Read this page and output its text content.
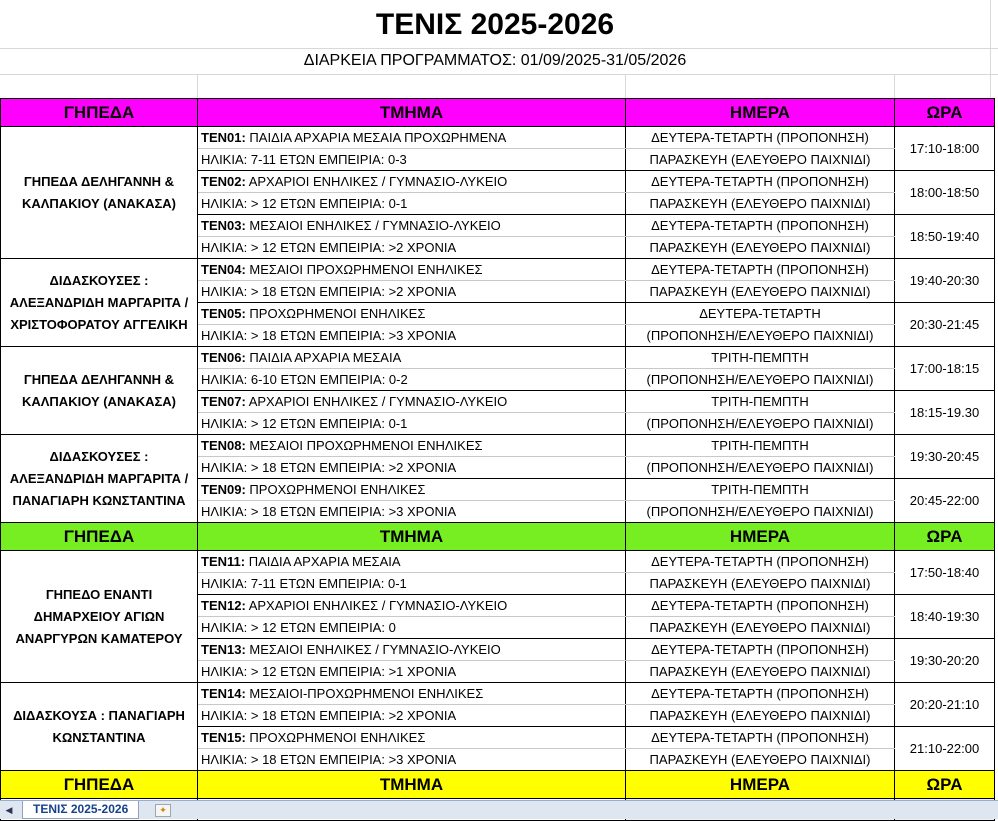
ΤΕΝΙΣ 2025-2026
ΔΙΑΡΚΕΙΑ ΠΡΟΓΡΑΜΜΑΤΟΣ: 01/09/2025-31/05/2026
ΓΗΠΕΔΑ	ΤΜΗΜΑ	ΗΜΕΡΑ	ΩΡΑ
ΓΗΠΕΔΑ ΔΕΛΗΓΑΝΝΗ & ΚΑΛΠΑΚΙΟΥ (ΑΝΑΚΑΣΑ)	ΤΕΝ01: ΠΑΙΔΙΑ ΑΡΧΑΡΙΑ ΜΕΣΑΙΑ ΠΡΟΧΩΡΗΜΕΝΑ	ΔΕΥΤΕΡΑ-ΤΕΤΑΡΤΗ (ΠΡΟΠΟΝΗΣΗ)	17:10-18:00
	ΗΛΙΚΙΑ: 7-11 ΕΤΩΝ ΕΜΠΕΙΡΙΑ: 0-3	ΠΑΡΑΣΚΕΥΗ (ΕΛΕΥΘΕΡΟ ΠΑΙΧΝΙΔΙ)	
	ΤΕΝ02: ΑΡΧΑΡΙΟΙ ΕΝΗΛΙΚΕΣ / ΓΥΜΝΑΣΙΟ-ΛΥΚΕΙΟ	ΔΕΥΤΕΡΑ-ΤΕΤΑΡΤΗ (ΠΡΟΠΟΝΗΣΗ)	18:00-18:50
	ΗΛΙΚΙΑ: > 12 ΕΤΩΝ ΕΜΠΕΙΡΙΑ: 0-1	ΠΑΡΑΣΚΕΥΗ (ΕΛΕΥΘΕΡΟ ΠΑΙΧΝΙΔΙ)	
	ΤΕΝ03: ΜΕΣΑΙΟΙ ΕΝΗΛΙΚΕΣ / ΓΥΜΝΑΣΙΟ-ΛΥΚΕΙΟ	ΔΕΥΤΕΡΑ-ΤΕΤΑΡΤΗ (ΠΡΟΠΟΝΗΣΗ)	18:50-19:40
	ΗΛΙΚΙΑ: > 12 ΕΤΩΝ ΕΜΠΕΙΡΙΑ: >2 ΧΡΟΝΙΑ	ΠΑΡΑΣΚΕΥΗ (ΕΛΕΥΘΕΡΟ ΠΑΙΧΝΙΔΙ)	
ΔΙΔΑΣΚΟΥΣΕΣ : ΑΛΕΞΑΝΔΡΙΔΗ ΜΑΡΓΑΡΙΤΑ / ΧΡΙΣΤΟΦΟΡΑΤΟΥ ΑΓΓΕΛΙΚΗ	ΤΕΝ04: ΜΕΣΑΙΟΙ ΠΡΟΧΩΡΗΜΕΝΟΙ ΕΝΗΛΙΚΕΣ	ΔΕΥΤΕΡΑ-ΤΕΤΑΡΤΗ (ΠΡΟΠΟΝΗΣΗ)	19:40-20:30
	ΗΛΙΚΙΑ: > 18 ΕΤΩΝ ΕΜΠΕΙΡΙΑ: >2 ΧΡΟΝΙΑ	ΠΑΡΑΣΚΕΥΗ (ΕΛΕΥΘΕΡΟ ΠΑΙΧΝΙΔΙ)	
	ΤΕΝ05: ΠΡΟΧΩΡΗΜΕΝΟΙ ΕΝΗΛΙΚΕΣ	ΔΕΥΤΕΡΑ-ΤΕΤΑΡΤΗ	20:30-21:45
	ΗΛΙΚΙΑ: > 18 ΕΤΩΝ ΕΜΠΕΙΡΙΑ: >3 ΧΡΟΝΙΑ	(ΠΡΟΠΟΝΗΣΗ/ΕΛΕΥΘΕΡΟ ΠΑΙΧΝΙΔΙ)	
ΓΗΠΕΔΑ ΔΕΛΗΓΑΝΝΗ & ΚΑΛΠΑΚΙΟΥ (ΑΝΑΚΑΣΑ)	ΤΕΝ06: ΠΑΙΔΙΑ ΑΡΧΑΡΙΑ ΜΕΣΑΙΑ	ΤΡΙΤΗ-ΠΕΜΠΤΗ	17:00-18:15
	ΗΛΙΚΙΑ: 6-10 ΕΤΩΝ ΕΜΠΕΙΡΙΑ: 0-2	(ΠΡΟΠΟΝΗΣΗ/ΕΛΕΥΘΕΡΟ ΠΑΙΧΝΙΔΙ)	
	ΤΕΝ07: ΑΡΧΑΡΙΟΙ ΕΝΗΛΙΚΕΣ / ΓΥΜΝΑΣΙΟ-ΛΥΚΕΙΟ	ΤΡΙΤΗ-ΠΕΜΠΤΗ	18:15-19.30
	ΗΛΙΚΙΑ: > 12 ΕΤΩΝ ΕΜΠΕΙΡΙΑ: 0-1	(ΠΡΟΠΟΝΗΣΗ/ΕΛΕΥΘΕΡΟ ΠΑΙΧΝΙΔΙ)	
ΔΙΔΑΣΚΟΥΣΕΣ : ΑΛΕΞΑΝΔΡΙΔΗ ΜΑΡΓΑΡΙΤΑ / ΠΑΝΑΓΙΑΡΗ ΚΩΝΣΤΑΝΤΙΝΑ	ΤΕΝ08: ΜΕΣΑΙΟΙ ΠΡΟΧΩΡΗΜΕΝΟΙ ΕΝΗΛΙΚΕΣ	ΤΡΙΤΗ-ΠΕΜΠΤΗ	19:30-20:45
	ΗΛΙΚΙΑ: > 18 ΕΤΩΝ ΕΜΠΕΙΡΙΑ: >2 ΧΡΟΝΙΑ	(ΠΡΟΠΟΝΗΣΗ/ΕΛΕΥΘΕΡΟ ΠΑΙΧΝΙΔΙ)	
	ΤΕΝ09: ΠΡΟΧΩΡΗΜΕΝΟΙ ΕΝΗΛΙΚΕΣ	ΤΡΙΤΗ-ΠΕΜΠΤΗ	20:45-22:00
	ΗΛΙΚΙΑ: > 18 ΕΤΩΝ ΕΜΠΕΙΡΙΑ: >3 ΧΡΟΝΙΑ	(ΠΡΟΠΟΝΗΣΗ/ΕΛΕΥΘΕΡΟ ΠΑΙΧΝΙΔΙ)	
ΓΗΠΕΔΑ	ΤΜΗΜΑ	ΗΜΕΡΑ	ΩΡΑ
ΓΗΠΕΔΟ ΕΝΑΝΤΙ ΔΗΜΑΡΧΕΙΟΥ ΑΓΙΩΝ ΑΝΑΡΓΥΡΩΝ ΚΑΜΑΤΕΡΟΥ	ΤΕΝ11: ΠΑΙΔΙΑ ΑΡΧΑΡΙΑ ΜΕΣΑΙΑ	ΔΕΥΤΕΡΑ-ΤΕΤΑΡΤΗ (ΠΡΟΠΟΝΗΣΗ)	17:50-18:40
	ΗΛΙΚΙΑ: 7-11 ΕΤΩΝ ΕΜΠΕΙΡΙΑ: 0-1	ΠΑΡΑΣΚΕΥΗ (ΕΛΕΥΘΕΡΟ ΠΑΙΧΝΙΔΙ)	
	ΤΕΝ12: ΑΡΧΑΡΙΟΙ ΕΝΗΛΙΚΕΣ / ΓΥΜΝΑΣΙΟ-ΛΥΚΕΙΟ	ΔΕΥΤΕΡΑ-ΤΕΤΑΡΤΗ (ΠΡΟΠΟΝΗΣΗ)	18:40-19:30
	ΗΛΙΚΙΑ: > 12 ΕΤΩΝ ΕΜΠΕΙΡΙΑ: 0	ΠΑΡΑΣΚΕΥΗ (ΕΛΕΥΘΕΡΟ ΠΑΙΧΝΙΔΙ)	
	ΤΕΝ13: ΜΕΣΑΙΟΙ ΕΝΗΛΙΚΕΣ / ΓΥΜΝΑΣΙΟ-ΛΥΚΕΙΟ	ΔΕΥΤΕΡΑ-ΤΕΤΑΡΤΗ (ΠΡΟΠΟΝΗΣΗ)	19:30-20:20
	ΗΛΙΚΙΑ: > 12 ΕΤΩΝ ΕΜΠΕΙΡΙΑ: >1 ΧΡΟΝΙΑ	ΠΑΡΑΣΚΕΥΗ (ΕΛΕΥΘΕΡΟ ΠΑΙΧΝΙΔΙ)	
ΔΙΔΑΣΚΟΥΣΑ : ΠΑΝΑΓΙΑΡΗ ΚΩΝΣΤΑΝΤΙΝΑ	ΤΕΝ14: ΜΕΣΑΙΟΙ-ΠΡΟΧΩΡΗΜΕΝΟΙ ΕΝΗΛΙΚΕΣ	ΔΕΥΤΕΡΑ-ΤΕΤΑΡΤΗ (ΠΡΟΠΟΝΗΣΗ)	20:20-21:10
	ΗΛΙΚΙΑ: > 18 ΕΤΩΝ ΕΜΠΕΙΡΙΑ: >2 ΧΡΟΝΙΑ	ΠΑΡΑΣΚΕΥΗ (ΕΛΕΥΘΕΡΟ ΠΑΙΧΝΙΔΙ)	
	ΤΕΝ15: ΠΡΟΧΩΡΗΜΕΝΟΙ ΕΝΗΛΙΚΕΣ	ΔΕΥΤΕΡΑ-ΤΕΤΑΡΤΗ (ΠΡΟΠΟΝΗΣΗ)	21:10-22:00
	ΗΛΙΚΙΑ: > 18 ΕΤΩΝ ΕΜΠΕΙΡΙΑ: >3 ΧΡΟΝΙΑ	ΠΑΡΑΣΚΕΥΗ (ΕΛΕΥΘΕΡΟ ΠΑΙΧΝΙΔΙ)	
ΓΗΠΕΔΑ	ΤΜΗΜΑ	ΗΜΕΡΑ	ΩΡΑ

◀	ΤΕΝΙΣ 2025-2026	✦
